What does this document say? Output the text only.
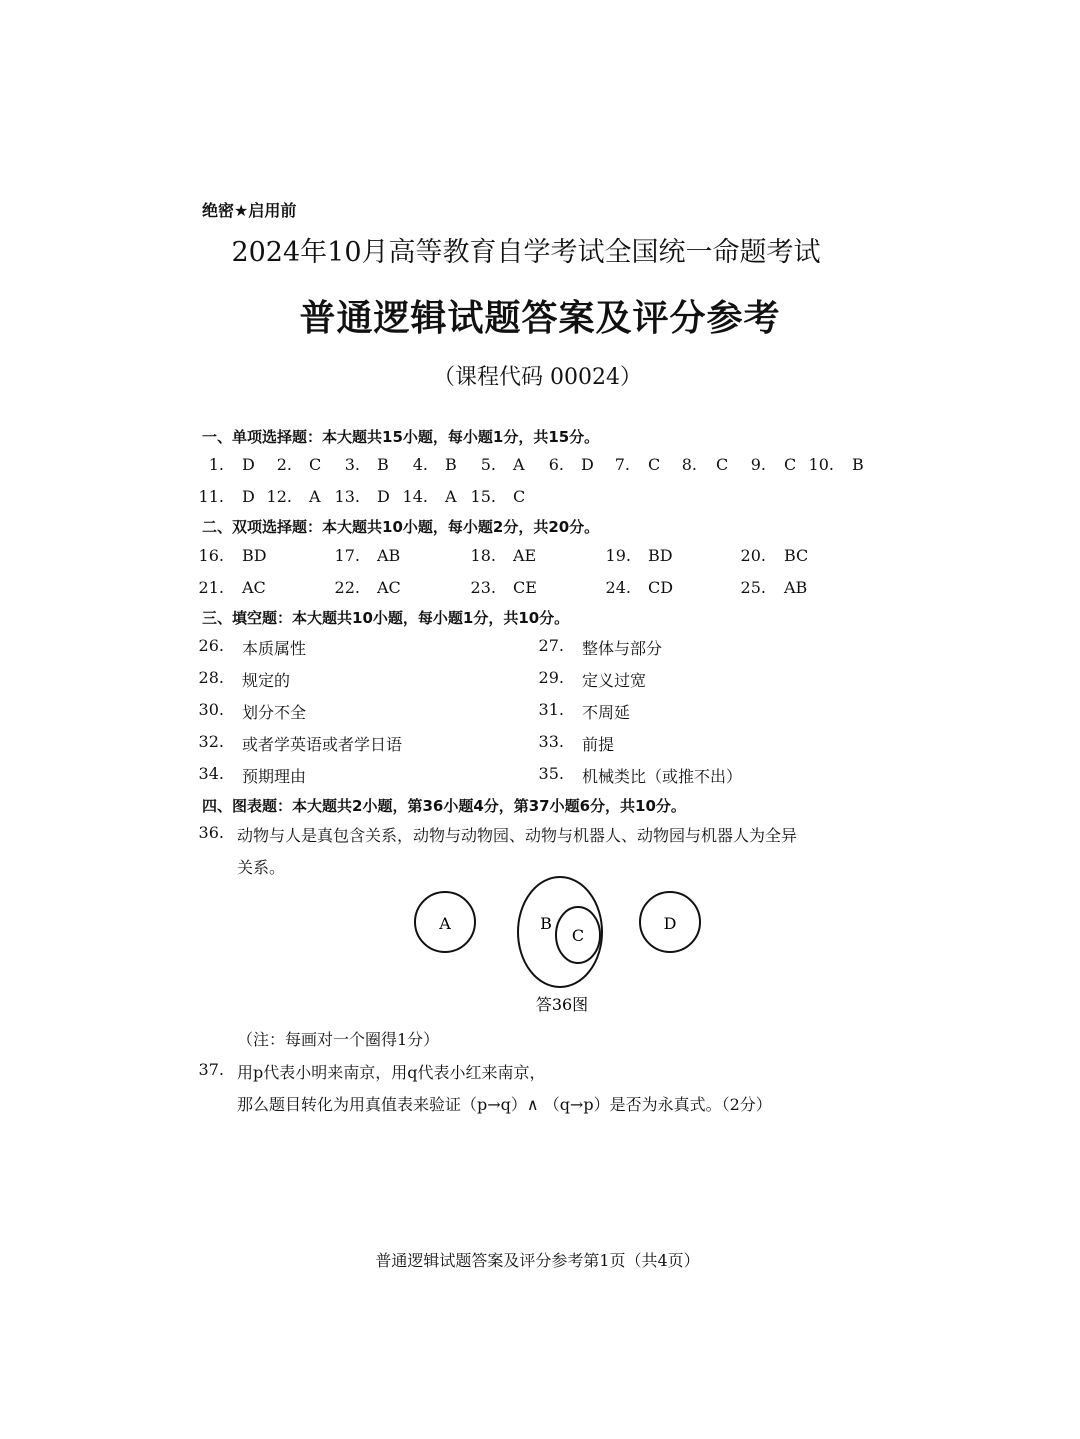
绝密★启用前
2024年10月高等教育自学考试全国统一命题考试
普通逻辑试题答案及评分参考
（课程代码 00024）
一、单项选择题：本大题共15小题，每小题1分，共15分。
1. D	2. C	3. B	4. B	5. A	6. D	7. C	8. C	9. C 10. B
11. D 12. A 13. D 14. A 15. C
二、双项选择题：本大题共10小题，每小题2分，共20分。
16. BD	17. AB	18. AE	19. BD	20. BC
21. AC	22. AC	23. CE	24. CD	25. AB
三、填空题：本大题共10小题，每小题1分，共10分。
26. 本质属性	27. 整体与部分
28. 规定的	29. 定义过宽
30. 划分不全	31. 不周延
32. 或者学英语或者学日语	33. 前提
34. 预期理由	35. 机械类比（或推不出）
四、图表题：本大题共2小题，第36小题4分，第37小题6分，共10分。
36. 动物与人是真包含关系，动物与动物园、动物与机器人、动物园与机器人为全异
关系。
A	B
C
D
答36图
（注：每画对一个圈得1分）
37. 用p代表小明来南京，用q代表小红来南京，
那么题目转化为用真值表来验证（p→q）∧ （q→p）是否为永真式。（2分）
普通逻辑试题答案及评分参考第1页（共4页）
